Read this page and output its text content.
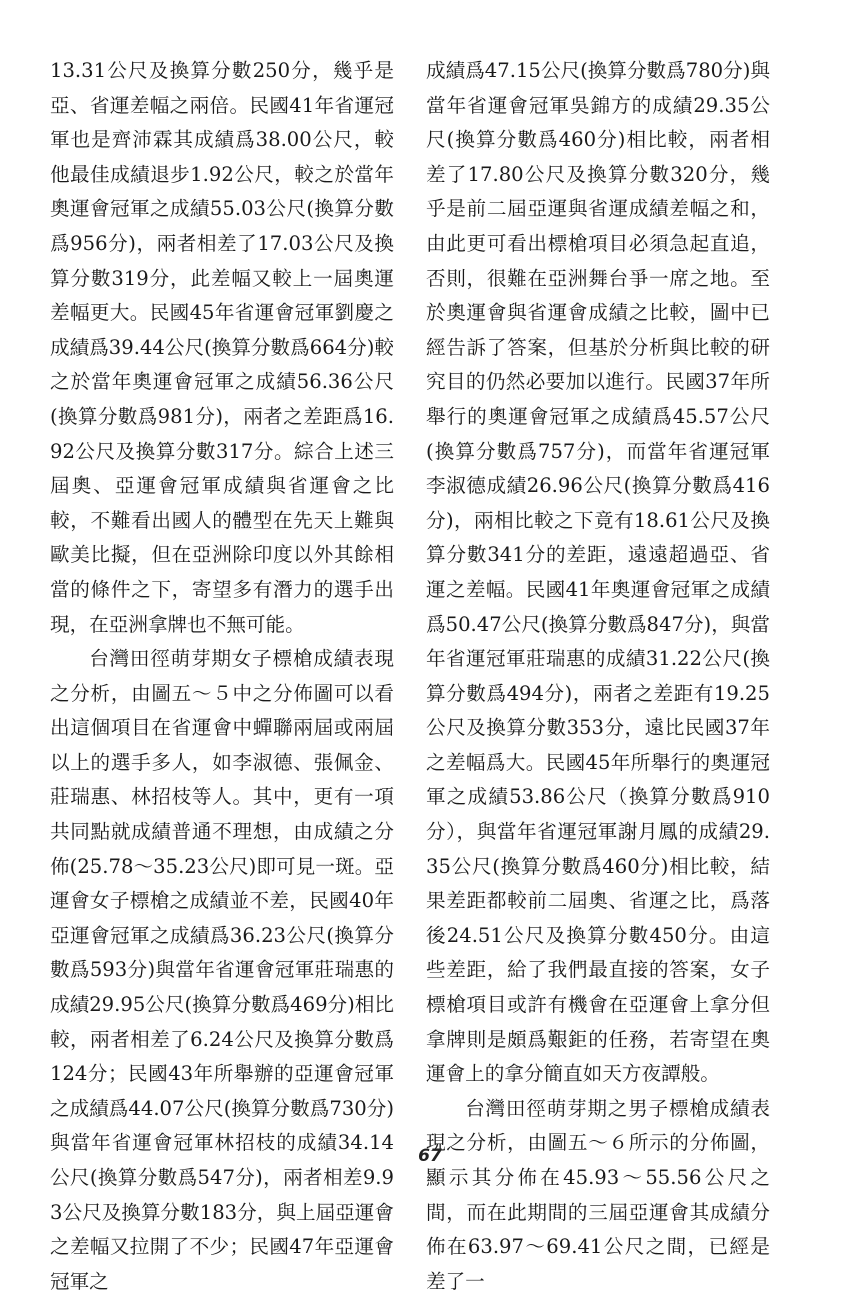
13.31公尺及換算分數250分，幾乎是亞、省運差幅之兩倍。民國41年省運冠軍也是齊沛霖其成績爲38.00公尺，較他最佳成績退步1.92公尺，較之於當年奧運會冠軍之成績55.03公尺(換算分數爲956分)，兩者相差了17.03公尺及換算分數319分，此差幅又較上一屆奧運差幅更大。民國45年省運會冠軍劉慶之成績爲39.44公尺(換算分數爲664分)較之於當年奧運會冠軍之成績56.36公尺(換算分數爲981分)，兩者之差距爲16.92公尺及換算分數317分。綜合上述三屆奧、亞運會冠軍成績與省運會之比較，不難看出國人的體型在先天上難與歐美比擬，但在亞洲除印度以外其餘相當的條件之下，寄望多有潛力的選手出現，在亞洲拿牌也不無可能。

台灣田徑萌芽期女子標槍成績表現之分析，由圖五～５中之分佈圖可以看出這個項目在省運會中蟬聯兩屆或兩屆以上的選手多人，如李淑德、張佩金、莊瑞惠、林招枝等人。其中，更有一項共同點就成績普通不理想，由成績之分佈(25.78～35.23公尺)即可見一斑。亞運會女子標槍之成績並不差，民國40年亞運會冠軍之成績爲36.23公尺(換算分數爲593分)與當年省運會冠軍莊瑞惠的成績29.95公尺(換算分數爲469分)相比較，兩者相差了6.24公尺及換算分數爲124分；民國43年所舉辦的亞運會冠軍之成績爲44.07公尺(換算分數爲730分)與當年省運會冠軍林招枝的成績34.14公尺(換算分數爲547分)，兩者相差9.93公尺及換算分數183分，與上屆亞運會之差幅又拉開了不少；民國47年亞運會冠軍之

成績爲47.15公尺(換算分數爲780分)與當年省運會冠軍吳錦方的成績29.35公尺(換算分數爲460分)相比較，兩者相差了17.80公尺及換算分數320分，幾乎是前二屆亞運與省運成績差幅之和，由此更可看出標槍項目必須急起直追，否則，很難在亞洲舞台爭一席之地。至於奧運會與省運會成績之比較，圖中已經告訴了答案，但基於分析與比較的研究目的仍然必要加以進行。民國37年所舉行的奧運會冠軍之成績爲45.57公尺(換算分數爲757分)，而當年省運冠軍李淑德成績26.96公尺(換算分數爲416分)，兩相比較之下竟有18.61公尺及換算分數341分的差距，遠遠超過亞、省運之差幅。民國41年奧運會冠軍之成績爲50.47公尺(換算分數爲847分)，與當年省運冠軍莊瑞惠的成績31.22公尺(換算分數爲494分)，兩者之差距有19.25公尺及換算分數353分，遠比民國37年之差幅爲大。民國45年所舉行的奧運冠軍之成績53.86公尺（換算分數爲910分），與當年省運冠軍謝月鳳的成績29.35公尺(換算分數爲460分)相比較，結果差距都較前二屆奧、省運之比，爲落後24.51公尺及換算分數450分。由這些差距，給了我們最直接的答案，女子標槍項目或許有機會在亞運會上拿分但拿牌則是頗爲艱鉅的任務，若寄望在奧運會上的拿分簡直如天方夜譚般。

台灣田徑萌芽期之男子標槍成績表現之分析，由圖五～６所示的分佈圖，顯示其分佈在45.93～55.56公尺之間，而在此期間的三屆亞運會其成績分佈在63.97～69.41公尺之間，已經是差了一

67
